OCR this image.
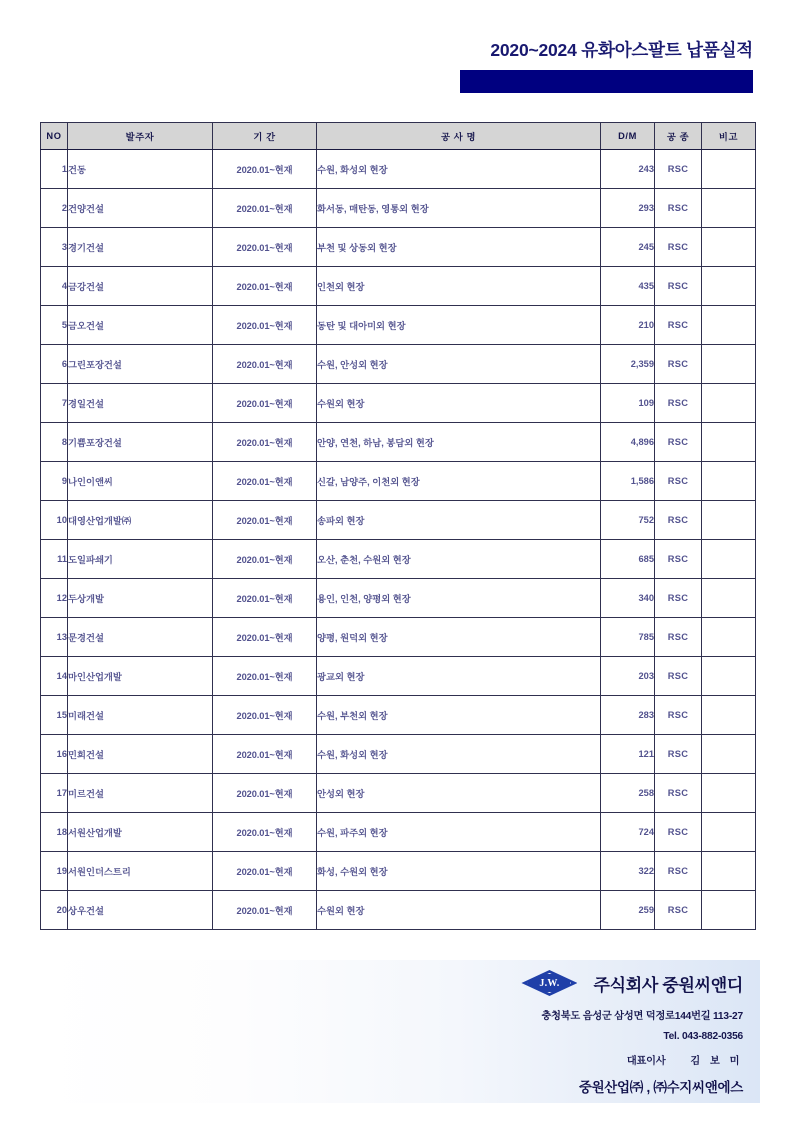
2020~2024 유화아스팔트 납품실적
NO	발주자	기 간	공 사 명	D/M	공 종	비고
1	건동	2020.01~현재	수원, 화성외 현장	243	RSC	
2	건양건설	2020.01~현재	화서동, 매탄동, 영통외 현장	293	RSC	
3	경기건설	2020.01~현재	부천 및 상동외 현장	245	RSC	
4	금강건설	2020.01~현재	인천외 현장	435	RSC	
5	금오건설	2020.01~현재	동탄 및 대아미외 현장	210	RSC	
6	그린포장건설	2020.01~현재	수원, 안성외 현장	2,359	RSC	
7	경일건설	2020.01~현재	수원외 현장	109	RSC	
8	기쁨포장건설	2020.01~현재	안양, 연천, 하남, 봉담외 현장	4,896	RSC	
9	나인이앤씨	2020.01~현재	신갈, 남양주, 이천외 현장	1,586	RSC	
10	대영산업개발㈜	2020.01~현재	송파외 현장	752	RSC	
11	도일파쇄기	2020.01~현재	오산, 춘천, 수원외 현장	685	RSC	
12	두상개발	2020.01~현재	용인, 인천, 양평외 현장	340	RSC	
13	문경건설	2020.01~현재	양평, 원덕외 현장	785	RSC	
14	마인산업개발	2020.01~현재	광교외 현장	203	RSC	
15	미래건설	2020.01~현재	수원, 부천외 현장	283	RSC	
16	민희건설	2020.01~현재	수원, 화성외 현장	121	RSC	
17	미르건설	2020.01~현재	안성외 현장	258	RSC	
18	서원산업개발	2020.01~현재	수원, 파주외 현장	724	RSC	
19	서원인더스트리	2020.01~현재	화성, 수원외 현장	322	RSC	
20	상우건설	2020.01~현재	수원외 현장	259	RSC	
J.W.	주식회사 중원씨앤디
충청북도 음성군 삼성면 덕정로144번길 113-27
Tel. 043-882-0356
대표이사 김 보 미
중원산업㈜ , ㈜수지씨앤에스
